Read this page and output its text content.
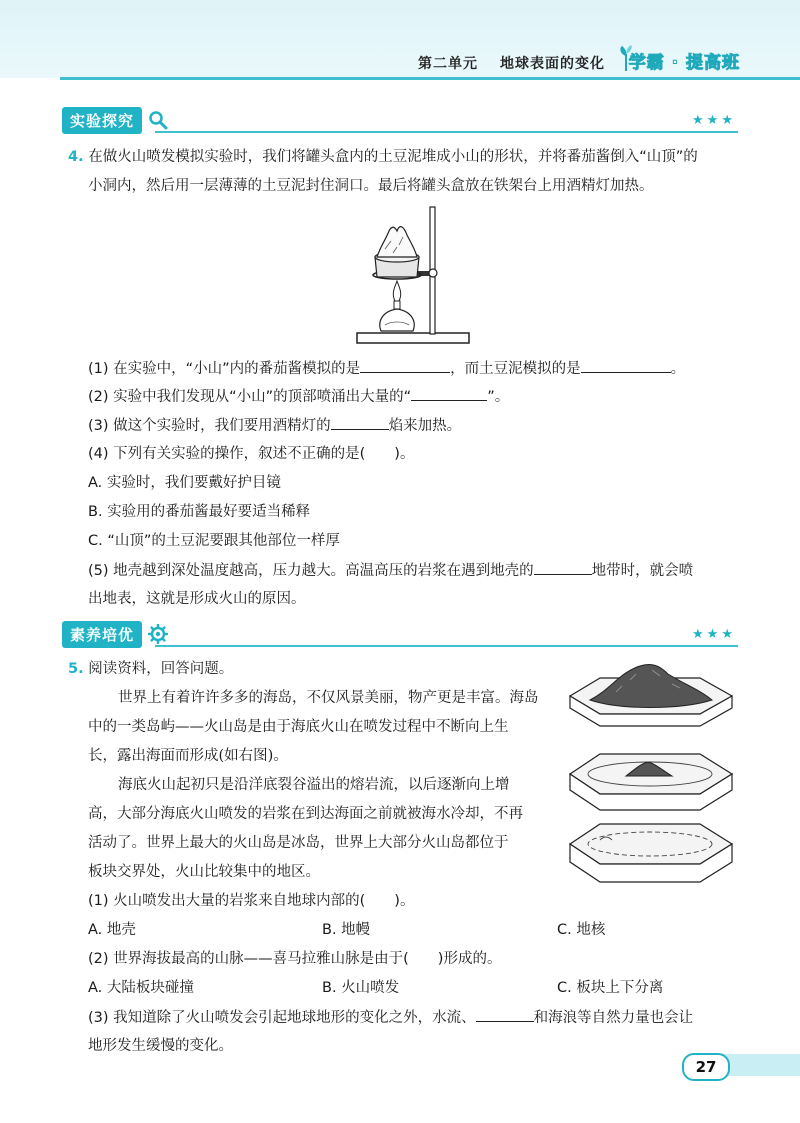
第二单元 地球表面的变化 学霸 · 提高班
实验探究	★★★
4. 在做火山喷发模拟实验时，我们将罐头盒内的土豆泥堆成小山的形状，并将番茄酱倒入“山顶”的
小洞内，然后用一层薄薄的土豆泥封住洞口。最后将罐头盒放在铁架台上用酒精灯加热。
(1) 在实验中，“小山”内的番茄酱模拟的是	，而土豆泥模拟的是	。
(2) 实验中我们发现从“小山”的顶部喷涌出大量的“	”。
(3) 做这个实验时，我们要用酒精灯的	焰来加热。
(4) 下列有关实验的操作，叙述不正确的是(　　)。
A. 实验时，我们要戴好护目镜
B. 实验用的番茄酱最好要适当稀释
C. “山顶”的土豆泥要跟其他部位一样厚
(5) 地壳越到深处温度越高，压力越大。高温高压的岩浆在遇到地壳的	地带时，就会喷
出地表，这就是形成火山的原因。
素养培优	★★★
5. 阅读资料，回答问题。
世界上有着许许多多的海岛，不仅风景美丽，物产更是丰富。海岛
中的一类岛屿——火山岛是由于海底火山在喷发过程中不断向上生
长，露出海面而形成(如右图)。
海底火山起初只是沿洋底裂谷溢出的熔岩流，以后逐渐向上增
高，大部分海底火山喷发的岩浆在到达海面之前就被海水冷却，不再
活动了。世界上最大的火山岛是冰岛，世界上大部分火山岛都位于
板块交界处，火山比较集中的地区。
(1) 火山喷发出大量的岩浆来自地球内部的(　　)。
A. 地壳	B. 地幔	C. 地核
(2) 世界海拔最高的山脉——喜马拉雅山脉是由于(　　)形成的。
A. 大陆板块碰撞	B. 火山喷发	C. 板块上下分离
(3) 我知道除了火山喷发会引起地球地形的变化之外，水流、	和海浪等自然力量也会让
地形发生缓慢的变化。
27
